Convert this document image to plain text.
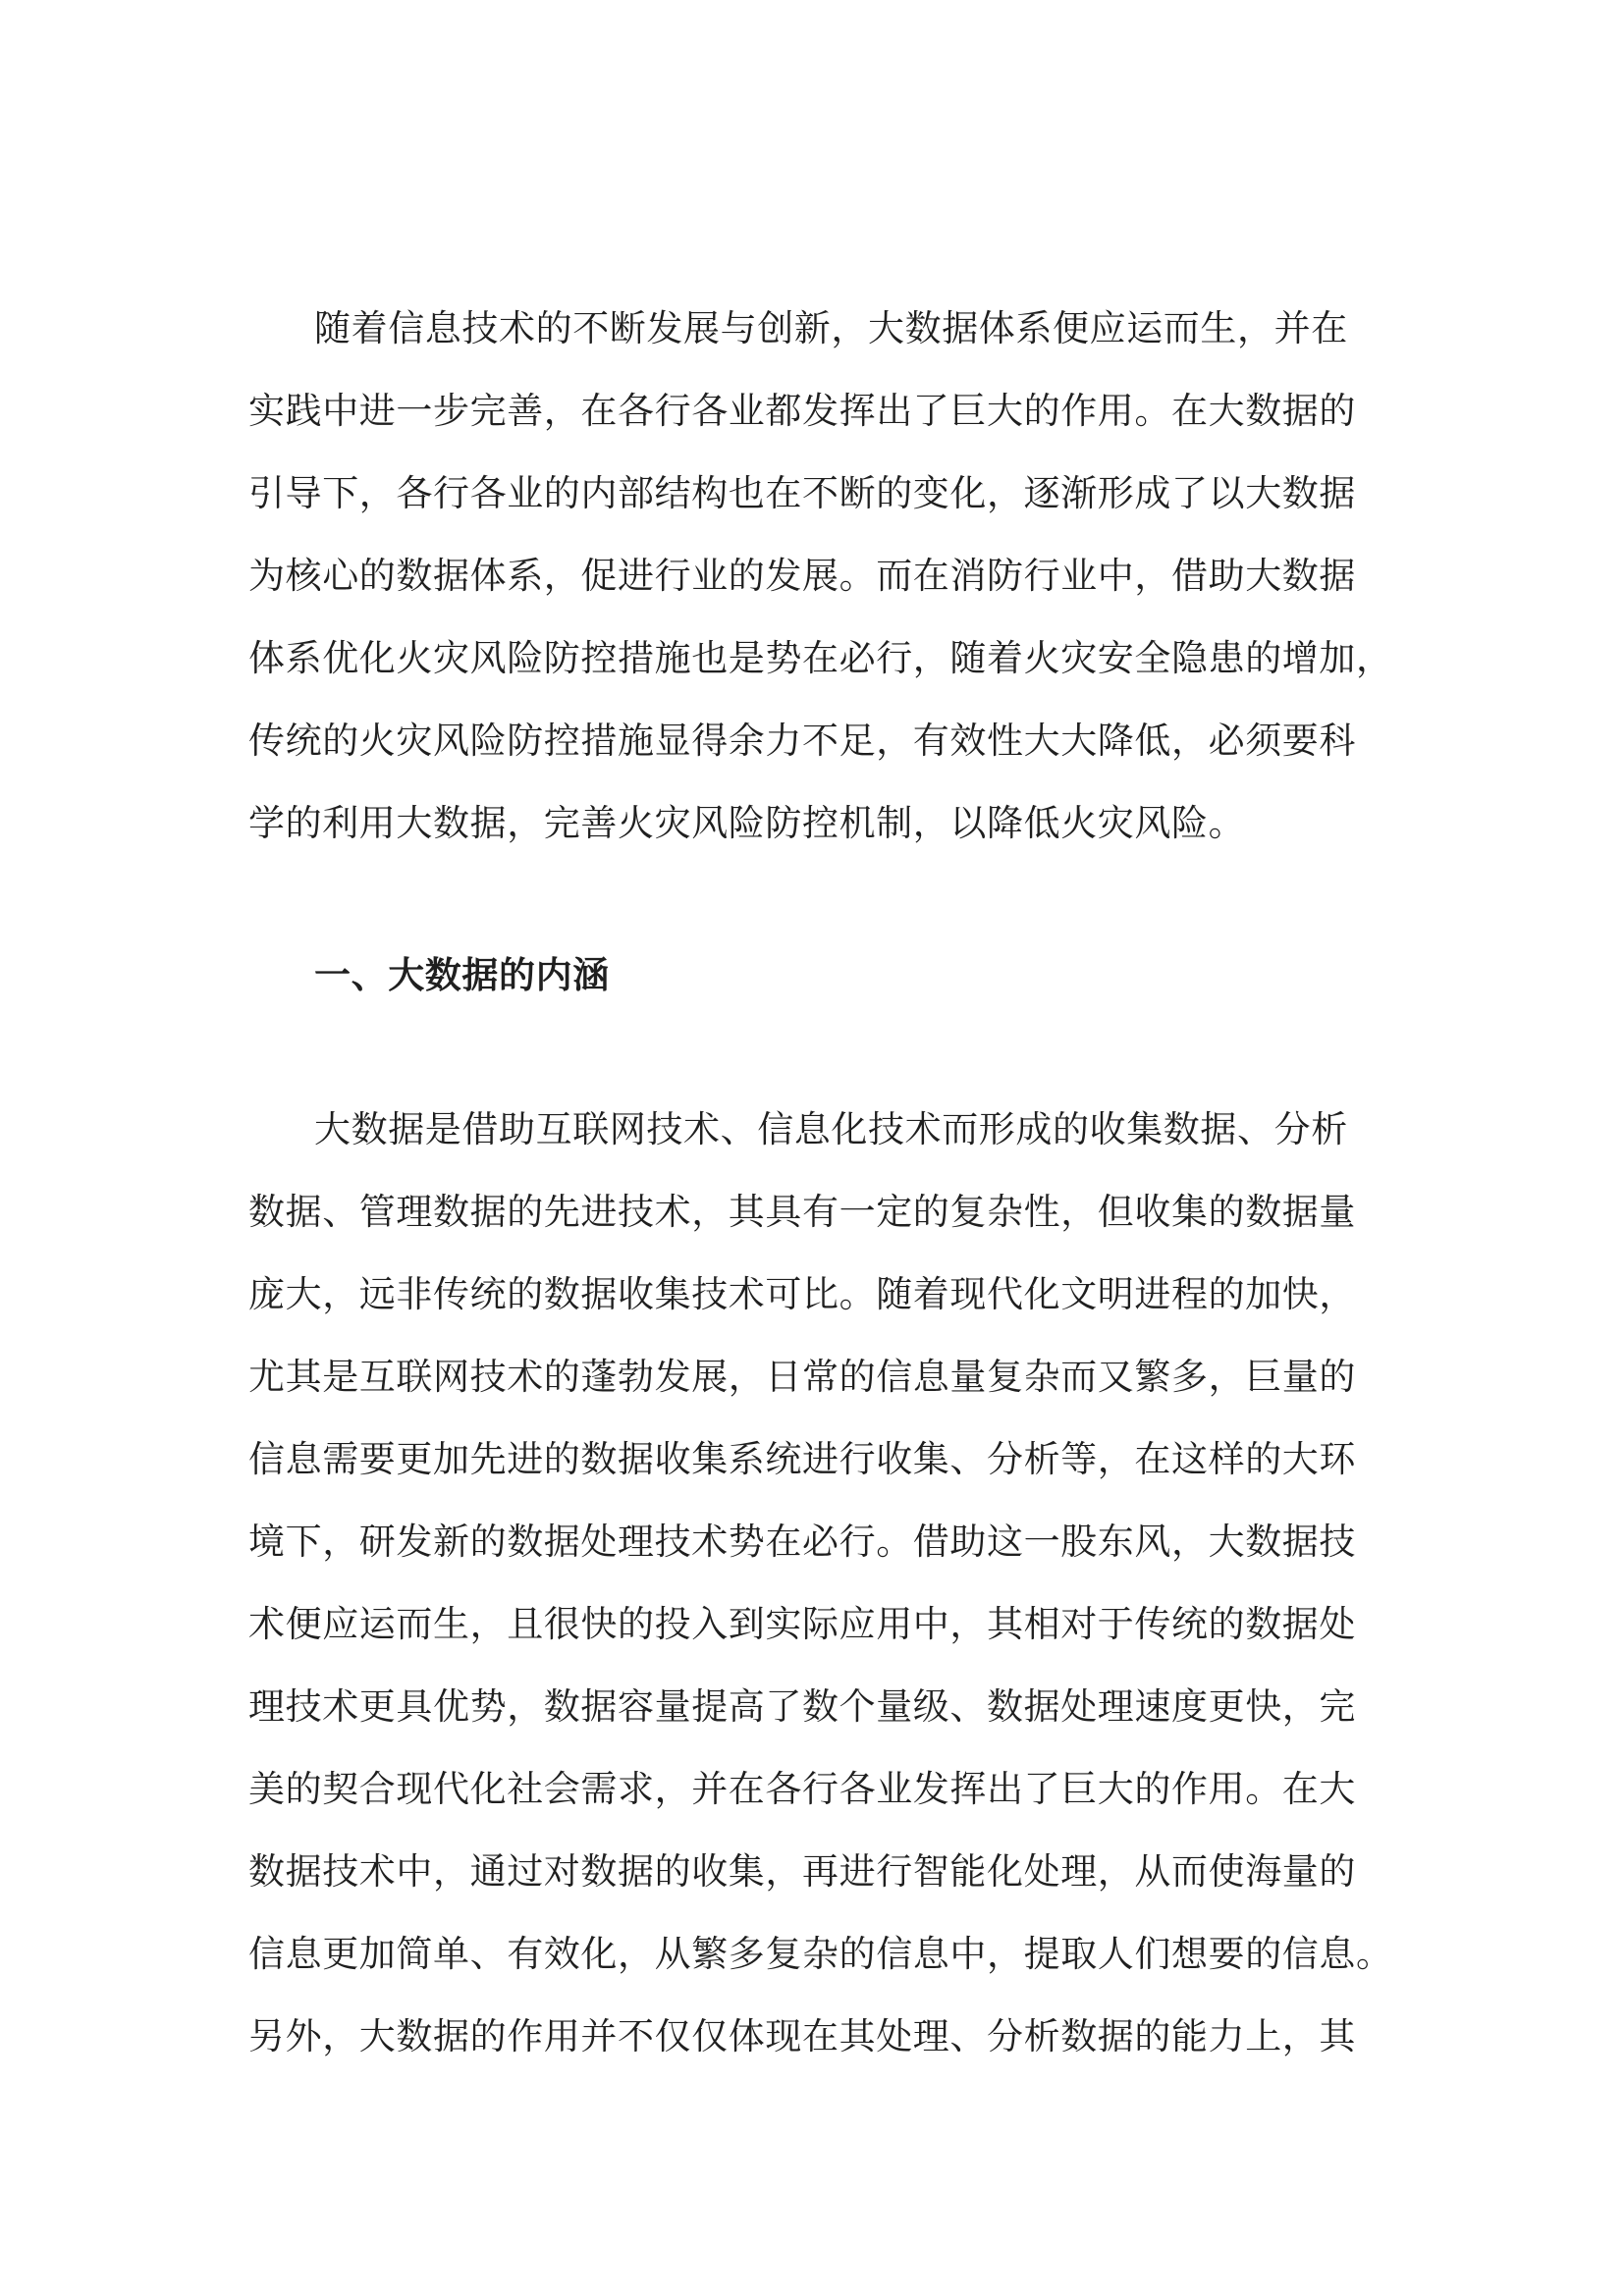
随着信息技术的不断发展与创新，大数据体系便应运而生，并在
实践中进一步完善，在各行各业都发挥出了巨大的作用。在大数据的
引导下，各行各业的内部结构也在不断的变化，逐渐形成了以大数据
为核心的数据体系，促进行业的发展。而在消防行业中，借助大数据
体系优化火灾风险防控措施也是势在必行，随着火灾安全隐患的增加，
传统的火灾风险防控措施显得余力不足，有效性大大降低，必须要科
学的利用大数据，完善火灾风险防控机制，以降低火灾风险。
一、大数据的内涵
大数据是借助互联网技术、信息化技术而形成的收集数据、分析
数据、管理数据的先进技术，其具有一定的复杂性，但收集的数据量
庞大，远非传统的数据收集技术可比。随着现代化文明进程的加快，
尤其是互联网技术的蓬勃发展，日常的信息量复杂而又繁多，巨量的
信息需要更加先进的数据收集系统进行收集、分析等，在这样的大环
境下，研发新的数据处理技术势在必行。借助这一股东风，大数据技
术便应运而生，且很快的投入到实际应用中，其相对于传统的数据处
理技术更具优势，数据容量提高了数个量级、数据处理速度更快，完
美的契合现代化社会需求，并在各行各业发挥出了巨大的作用。在大
数据技术中，通过对数据的收集，再进行智能化处理，从而使海量的
信息更加简单、有效化，从繁多复杂的信息中，提取人们想要的信息。
另外，大数据的作用并不仅仅体现在其处理、分析数据的能力上，其
